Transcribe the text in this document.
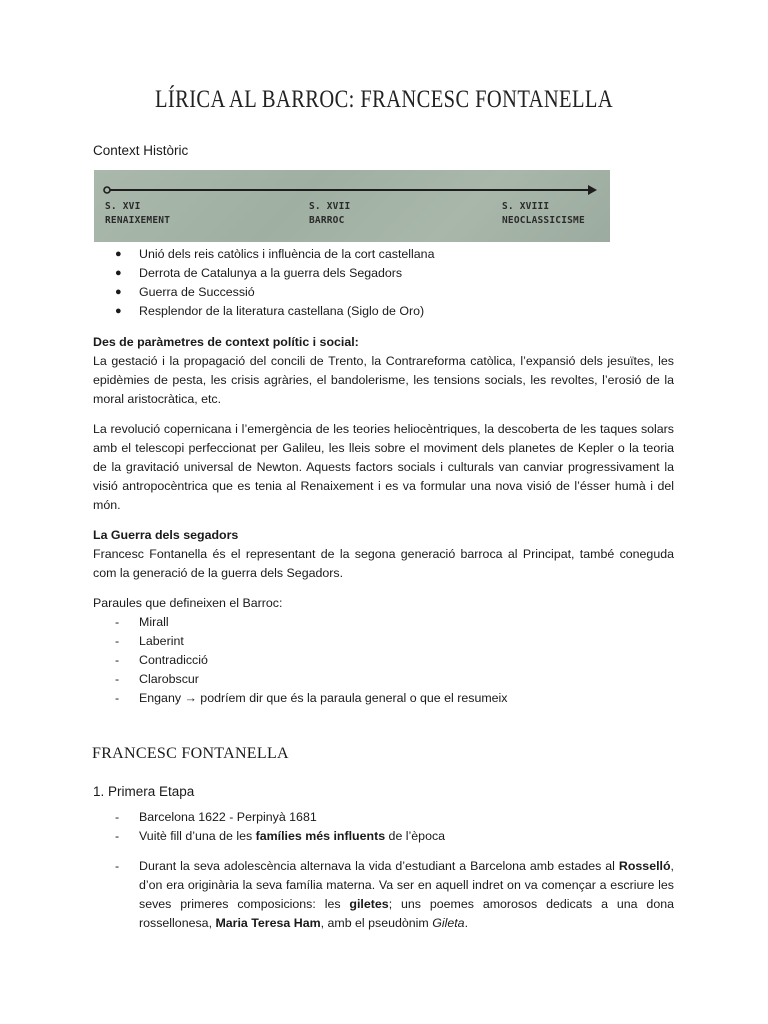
LÍRICA AL BARROC: FRANCESC FONTANELLA
Context Històric
S. XVI
RENAIXEMENT
S. XVII
BARROC
S. XVIII
NEOCLASSICISME
● Unió dels reis catòlics i influència de la cort castellana
● Derrota de Catalunya a la guerra dels Segadors
● Guerra de Successió
● Resplendor de la literatura castellana (Siglo de Oro)

Des de paràmetres de context polític i social:

La gestació i la propagació del concili de Trento, la Contrareforma catòlica, l’expansió dels jesuïtes, les epidèmies de pesta, les crisis agràries, el bandolerisme, les tensions socials, les revoltes, l’erosió de la moral aristocràtica, etc.

La revolució copernicana i l’emergència de les teories heliocèntriques, la descoberta de les taques solars amb el telescopi perfeccionat per Galileu, les lleis sobre el moviment dels planetes de Kepler o la teoria de la gravitació universal de Newton. Aquests factors socials i culturals van canviar progressivament la visió antropocèntrica que es tenia al Renaixement i es va formular una nova visió de l’ésser humà i del món.

La Guerra dels segadors

Francesc Fontanella és el representant de la segona generació barroca al Principat, també coneguda com la generació de la guerra dels Segadors.

Paraules que defineixen el Barroc:

- Mirall
- Laberint
- Contradicció
- Clarobscur
- Engany → podríem dir que és la paraula general o que el resumeix
FRANCESC FONTANELLA
1. Primera Etapa
- Barcelona 1622 - Perpinyà 1681
- Vuitè fill d’una de les famílies més influents de l’època
- Durant la seva adolescència alternava la vida d’estudiant a Barcelona amb estades al Rosselló, d’on era originària la seva família materna. Va ser en aquell indret on va començar a escriure les seves primeres composicions: les giletes; uns poemes amorosos dedicats a una dona rossellonesa, Maria Teresa Ham, amb el pseudònim Gileta.
